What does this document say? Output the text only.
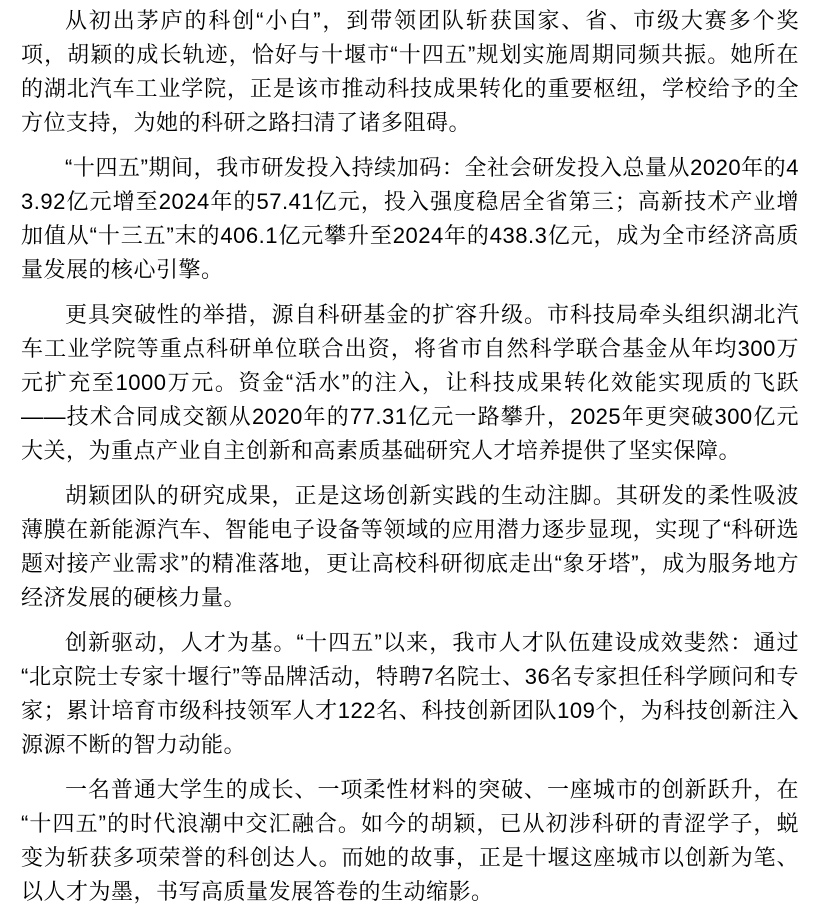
从初出茅庐的科创“小白”，到带领团队斩获国家、省、市级大赛多个奖项，胡颖的成长轨迹，恰好与十堰市“十四五”规划实施周期同频共振。她所在的湖北汽车工业学院，正是该市推动科技成果转化的重要枢纽，学校给予的全方位支持，为她的科研之路扫清了诸多阻碍。

“十四五”期间，我市研发投入持续加码：全社会研发投入总量从2020年的43.92亿元增至2024年的57.41亿元，投入强度稳居全省第三；高新技术产业增加值从“十三五”末的406.1亿元攀升至2024年的438.3亿元，成为全市经济高质量发展的核心引擎。

更具突破性的举措，源自科研基金的扩容升级。市科技局牵头组织湖北汽车工业学院等重点科研单位联合出资，将省市自然科学联合基金从年均300万元扩充至1000万元。资金“活水”的注入，让科技成果转化效能实现质的飞跃——技术合同成交额从2020年的77.31亿元一路攀升，2025年更突破300亿元大关，为重点产业自主创新和高素质基础研究人才培养提供了坚实保障。

胡颖团队的研究成果，正是这场创新实践的生动注脚。其研发的柔性吸波薄膜在新能源汽车、智能电子设备等领域的应用潜力逐步显现，实现了“科研选题对接产业需求”的精准落地，更让高校科研彻底走出“象牙塔”，成为服务地方经济发展的硬核力量。

创新驱动，人才为基。“十四五”以来，我市人才队伍建设成效斐然：通过“北京院士专家十堰行”等品牌活动，特聘7名院士、36名专家担任科学顾问和专家；累计培育市级科技领军人才122名、科技创新团队109个，为科技创新注入源源不断的智力动能。

一名普通大学生的成长、一项柔性材料的突破、一座城市的创新跃升，在“十四五”的时代浪潮中交汇融合。如今的胡颖，已从初涉科研的青涩学子，蜕变为斩获多项荣誉的科创达人。而她的故事，正是十堰这座城市以创新为笔、以人才为墨，书写高质量发展答卷的生动缩影。
